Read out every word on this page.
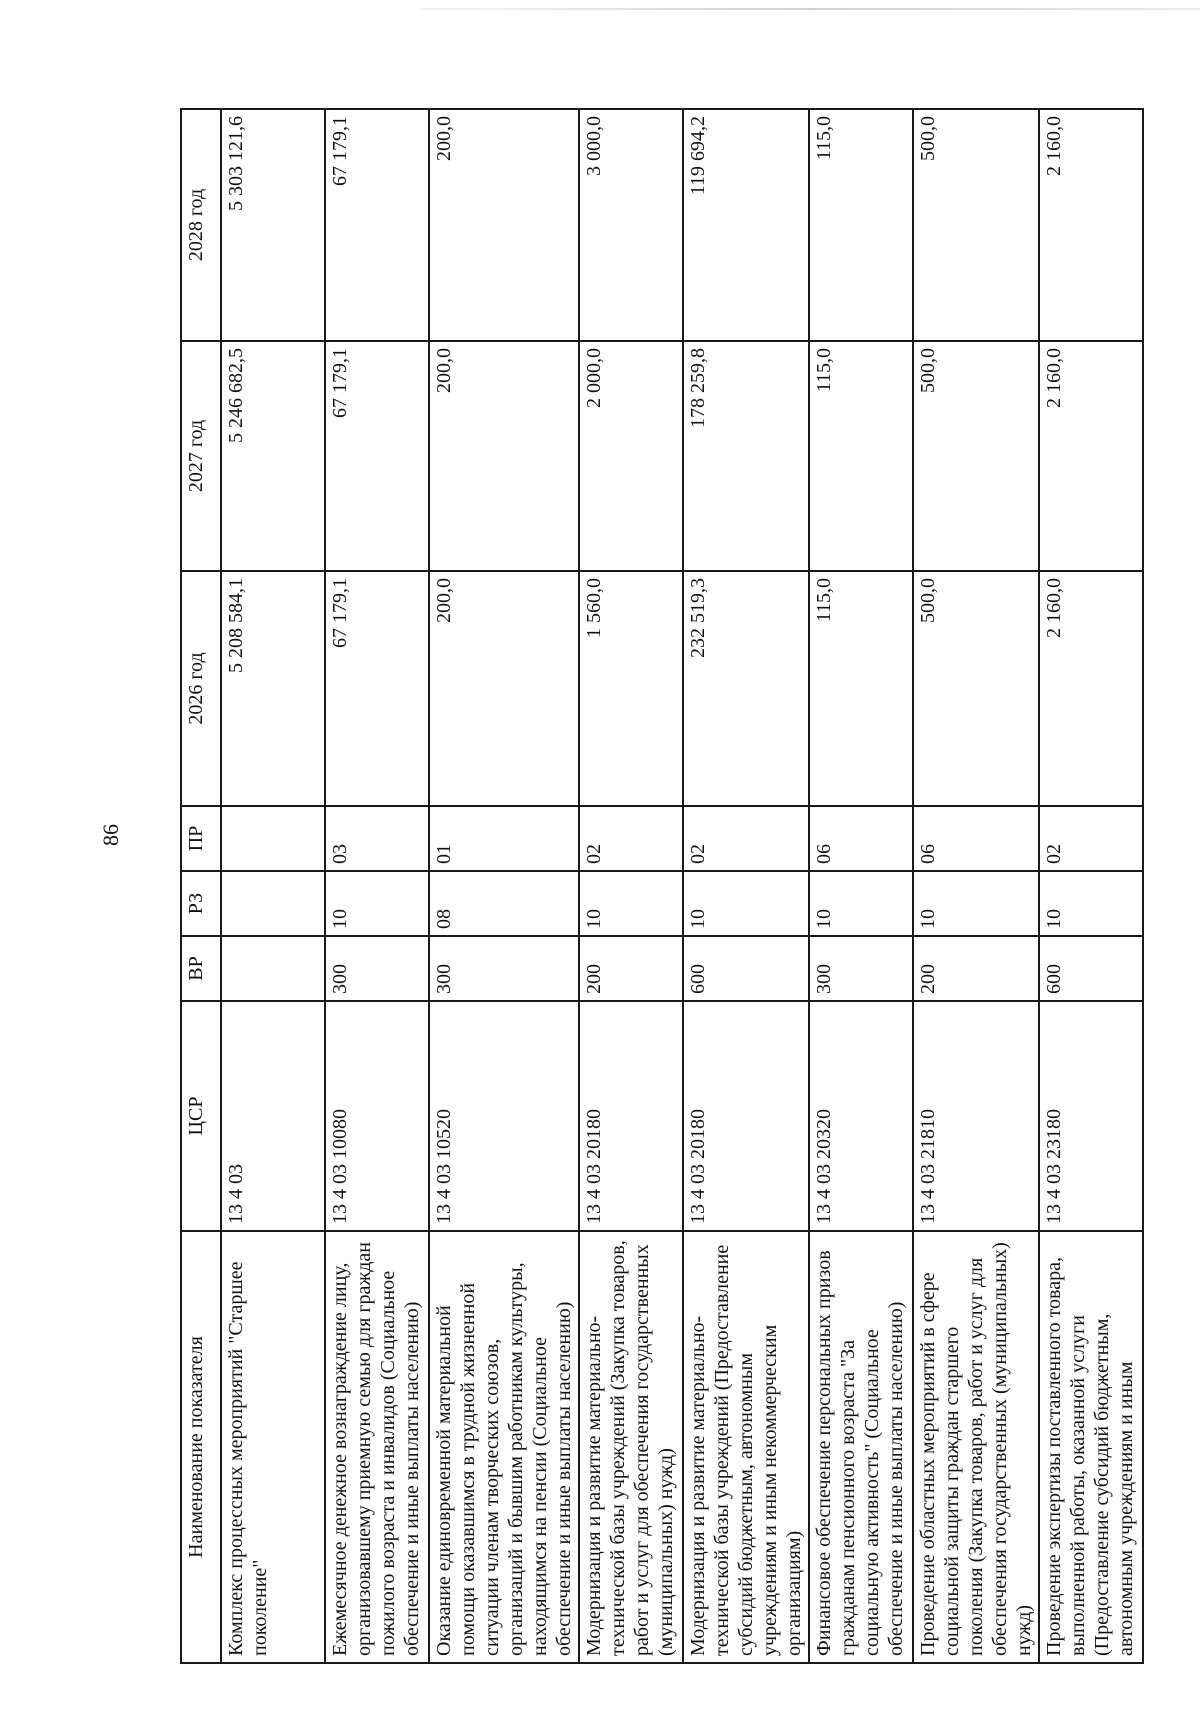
86
Наименование показателя	ЦСР	ВР	РЗ	ПР	2026 год	2027 год	2028 год
Комплекс процессных мероприятий "Старшее поколение"	13 4 03				5 208 584,1	5 246 682,5	5 303 121,6
Ежемесячное денежное вознаграждение лицу, организовавшему приемную семью для граждан пожилого возраста и инвалидов (Социальное обеспечение и иные выплаты населению)	13 4 03 10080	300	10	03	67 179,1	67 179,1	67 179,1
Оказание единовременной материальной помощи оказавшимся в трудной жизненной ситуации членам творческих союзов, организаций и бывшим работникам культуры, находящимся на пенсии (Социальное обеспечение и иные выплаты населению)	13 4 03 10520	300	08	01	200,0	200,0	200,0
Модернизация и развитие материально-технической базы учреждений (Закупка товаров, работ и услуг для обеспечения государственных (муниципальных) нужд)	13 4 03 20180	200	10	02	1 560,0	2 000,0	3 000,0
Модернизация и развитие материально-технической базы учреждений (Предоставление субсидий бюджетным, автономным учреждениям и иным некоммерческим организациям)	13 4 03 20180	600	10	02	232 519,3	178 259,8	119 694,2
Финансовое обеспечение персональных призов гражданам пенсионного возраста "За социальную активность" (Социальное обеспечение и иные выплаты населению)	13 4 03 20320	300	10	06	115,0	115,0	115,0
Проведение областных мероприятий в сфере социальной защиты граждан старшего поколения (Закупка товаров, работ и услуг для обеспечения государственных (муниципальных) нужд)	13 4 03 21810	200	10	06	500,0	500,0	500,0
Проведение экспертизы поставленного товара, выполненной работы, оказанной услуги (Предоставление субсидий бюджетным, автономным учреждениям и иным	13 4 03 23180	600	10	02	2 160,0	2 160,0	2 160,0
